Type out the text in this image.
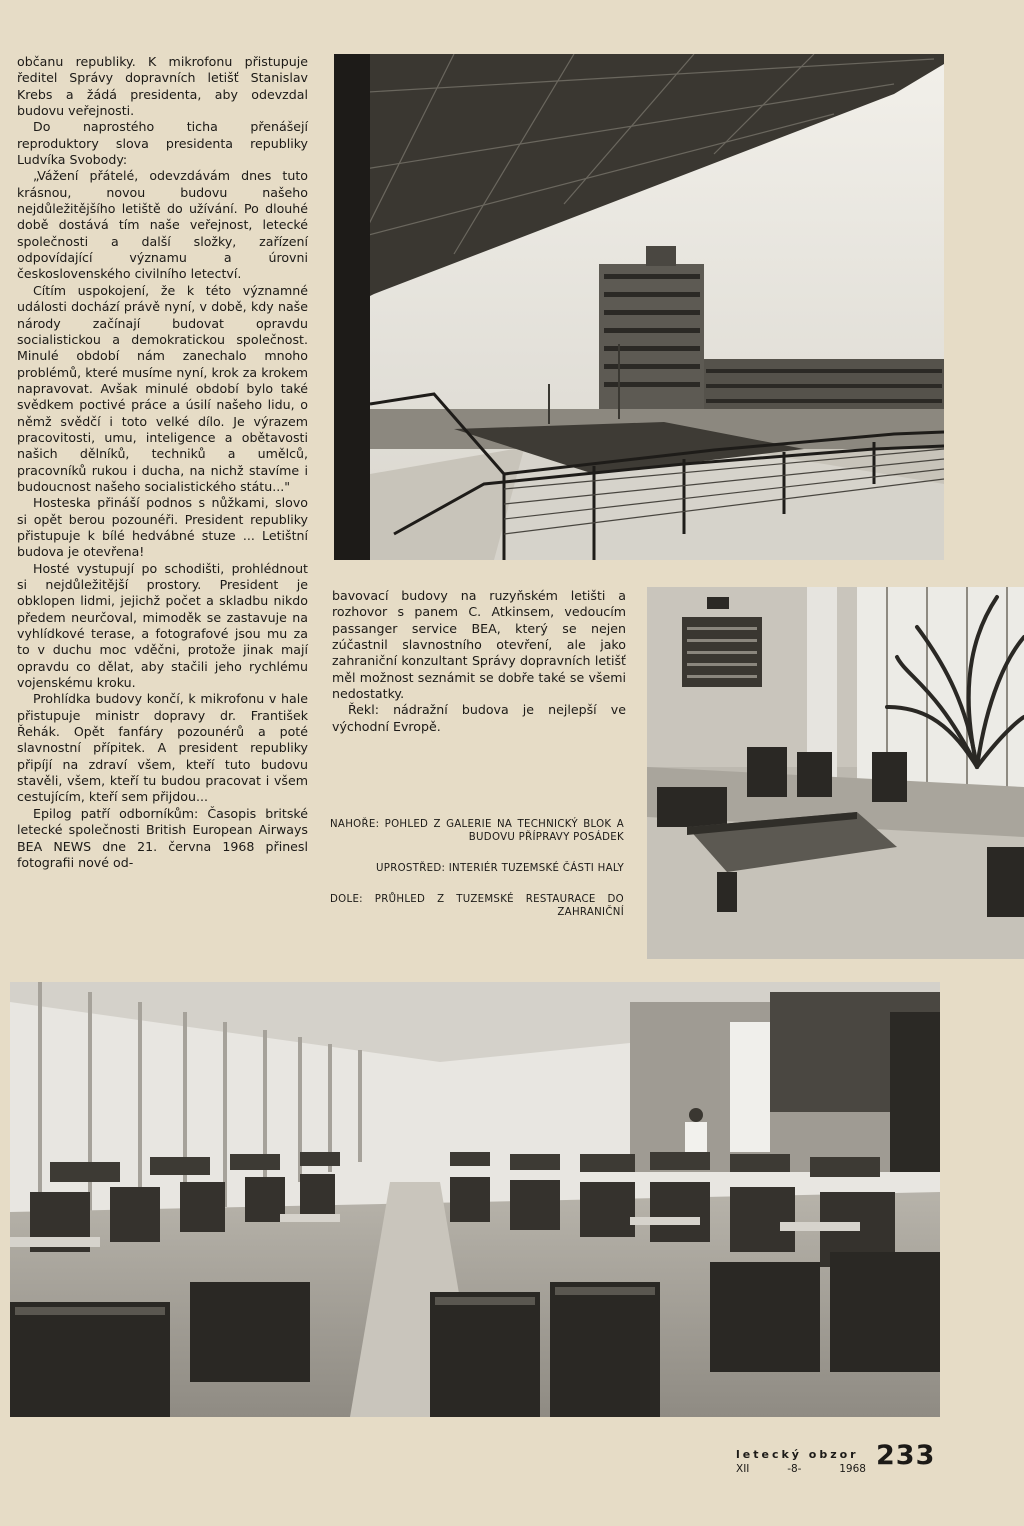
občanu republiky. K mikrofonu přistupuje ředitel Správy dopravních letišť Stanislav Krebs a žádá presidenta, aby odevzdal budovu veřejnosti.

Do naprostého ticha přenášejí reproduktory slova presidenta republiky Ludvíka Svobody:

„Vážení přátelé, odevzdávám dnes tuto krásnou, novou budovu našeho nejdůležitějšího letiště do užívání. Po dlouhé době dostává tím naše veřejnost, letecké společnosti a další složky, zařízení odpovídající významu a úrovni československého civilního letectví.

Cítím uspokojení, že k této významné události dochází právě nyní, v době, kdy naše národy začínají budovat opravdu socialistickou a demokratickou společnost. Minulé období nám zanechalo mnoho problémů, které musíme nyní, krok za krokem napravovat. Avšak minulé období bylo také svědkem poctivé práce a úsilí našeho lidu, o němž svědčí i toto velké dílo. Je výrazem pracovitosti, umu, inteligence a obětavosti našich dělníků, techniků a umělců, pracovníků rukou i ducha, na nichž stavíme i budoucnost našeho socialistického státu..."

Hosteska přináší podnos s nůžkami, slovo si opět berou pozounéři. President republiky přistupuje k bílé hedvábné stuze ... Letištní budova je otevřena!

Hosté vystupují po schodišti, prohlédnout si nejdůležitější prostory. President je obklopen lidmi, jejichž počet a skladbu nikdo předem neurčoval, mimoděk se zastavuje na vyhlídkové terase, a fotografové jsou mu za to v duchu moc vděčni, protože jinak mají opravdu co dělat, aby stačili jeho rychlému vojenskému kroku.

Prohlídka budovy končí, k mikrofonu v hale přistupuje ministr dopravy dr. František Řehák. Opět fanfáry pozounérů a poté slavnostní přípitek. A president republiky připíjí na zdraví všem, kteří tuto budovu stavěli, všem, kteří tu budou pracovat i všem cestujícím, kteří sem přijdou...

Epilog patří odborníkům: Časopis britské letecké společnosti British European Airways BEA NEWS dne 21. června 1968 přinesl fotografii nové od-

bavovací budovy na ruzyňském letišti a rozhovor s panem C. Atkinsem, vedoucím passanger service BEA, který se nejen zúčastnil slavnostního otevření, ale jako zahraniční konzultant Správy dopravních letišť měl možnost seznámit se dobře také se všemi nedostatky.

Řekl: nádražní budova je nejlepší ve východní Evropě.

NAHOŘE: POHLED Z GALERIE NA TECHNICKÝ BLOK A BUDOVU PŘÍPRAVY POSÁDEK

UPROSTŘED: INTERIÉR TUZEMSKÉ ČÁSTI HALY

DOLE: PRŮHLED Z TUZEMSKÉ RESTAURACE DO ZAHRANIČNÍ

letecký obzor
XII	-8-	1968 233
